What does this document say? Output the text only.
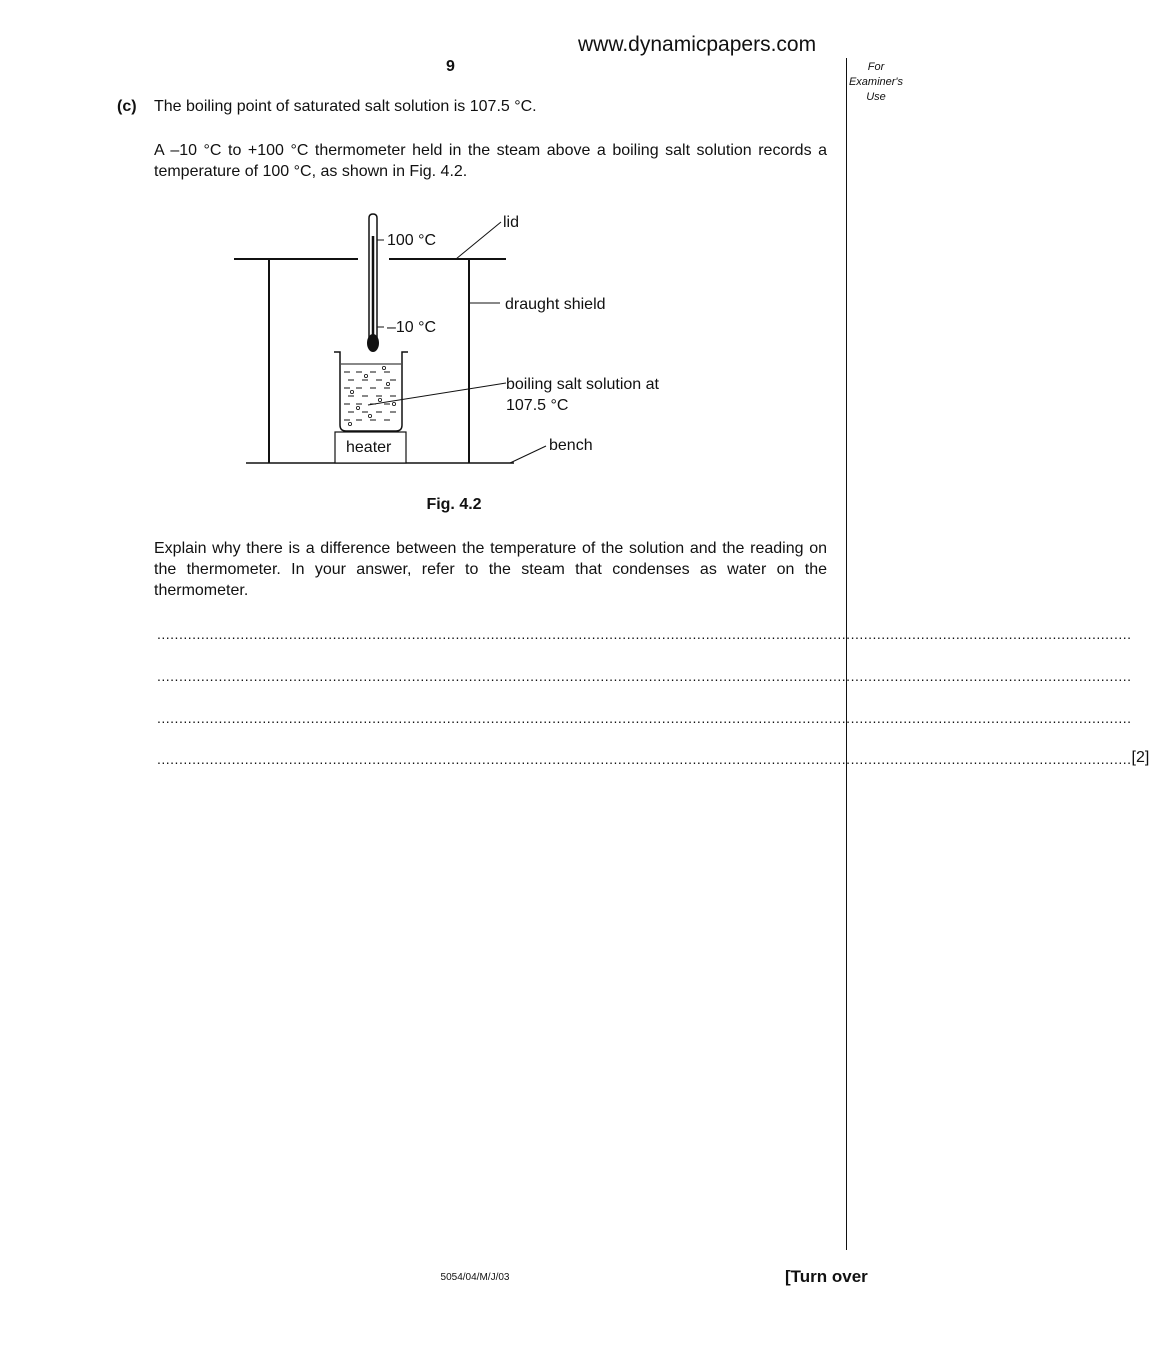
www.dynamicpapers.com
9	For
Examiner's
Use
(c) The boiling point of saturated salt solution is 107.5 °C.
A –10 °C to +100 °C thermometer held in the steam above a boiling salt solution records a temperature of 100 °C, as shown in Fig. 4.2.
100 °C
–10 °C
lid
draught shield
boiling salt solution at
107.5 °C
heater	bench
Fig. 4.2
Explain why there is a difference between the temperature of the solution and the reading on the thermometer. In your answer, refer to the steam that condenses as water on the thermometer.
..............................................................................................................................................................................................................................
..............................................................................................................................................................................................................................
..............................................................................................................................................................................................................................
.............................................................................................................................................................................................................................. [2]
5054/04/M/J/03	[Turn over
